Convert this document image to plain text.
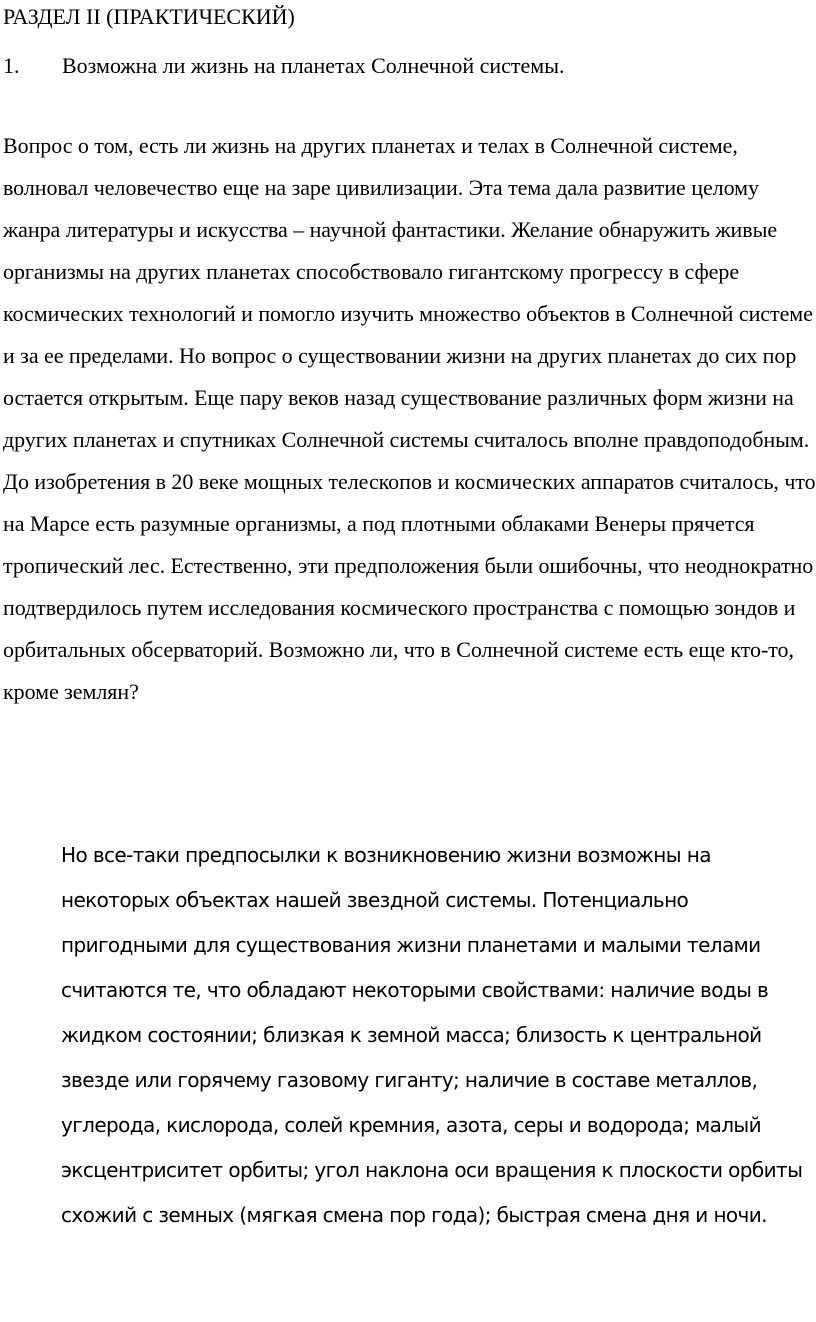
РАЗДЕЛ II (ПРАКТИЧЕСКИЙ)

1. Возможна ли жизнь на планетах Солнечной системы.

Вопрос о том, есть ли жизнь на других планетах и телах в Солнечной системе, волновал человечество еще на заре цивилизации. Эта тема дала развитие целому жанра литературы и искусства – научной фантастики. Желание обнаружить живые организмы на других планетах способствовало гигантскому прогрессу в сфере космических технологий и помогло изучить множество объектов в Солнечной системе и за ее пределами. Но вопрос о существовании жизни на других планетах до сих пор остается открытым. Еще пару веков назад существование различных форм жизни на других планетах и спутниках Солнечной системы считалось вполне правдоподобным. До изобретения в 20 веке мощных телескопов и космических аппаратов считалось, что на Марсе есть разумные организмы, а под плотными облаками Венеры прячется тропический лес. Естественно, эти предположения были ошибочны, что неоднократно подтвердилось путем исследования космического пространства с помощью зондов и орбитальных обсерваторий. Возможно ли, что в Солнечной системе есть еще кто-то, кроме землян?

Но все-таки предпосылки к возникновению жизни возможны на некоторых объектах нашей звездной системы. Потенциально пригодными для существования жизни планетами и малыми телами считаются те, что обладают некоторыми свойствами: наличие воды в жидком состоянии; близкая к земной масса; близость к центральной звезде или горячему газовому гиганту; наличие в составе металлов, углерода, кислорода, солей кремния, азота, серы и водорода; малый эксцентриситет орбиты; угол наклона оси вращения к плоскости орбиты схожий с земных (мягкая смена пор года); быстрая смена дня и ночи.
